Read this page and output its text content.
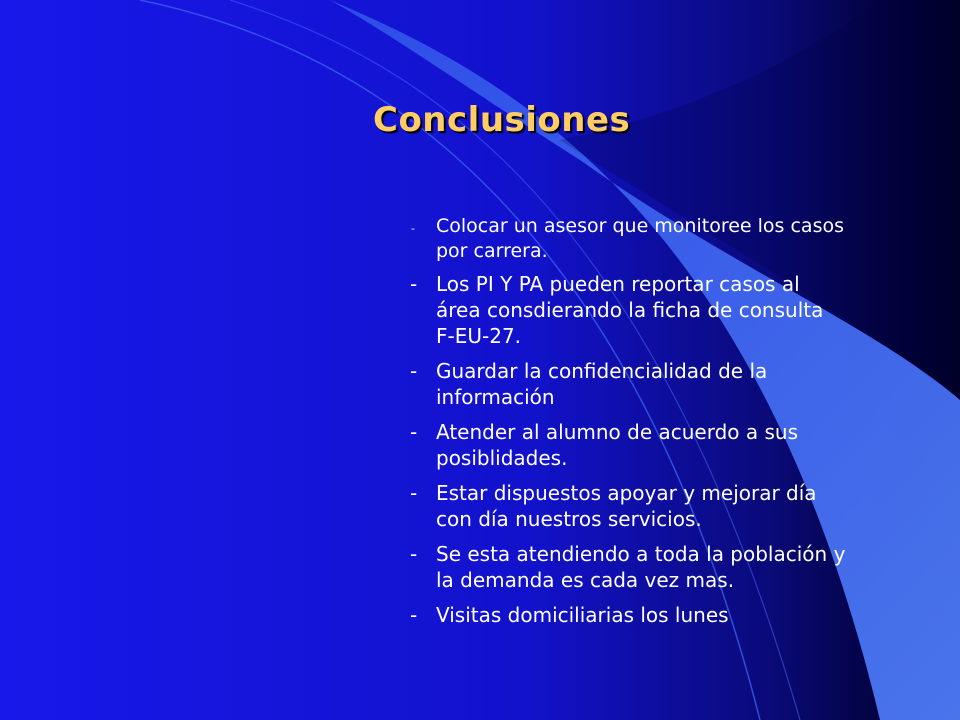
Conclusiones
- Colocar un asesor que monitoree los casos por carrera.
- Los PI Y PA pueden reportar casos al área consdierando la ficha de consulta F-EU-27.
- Guardar la confidencialidad de la información
- Atender al alumno de acuerdo a sus posiblidades.
- Estar dispuestos apoyar y mejorar día con día nuestros servicios.
- Se esta atendiendo a toda la población y la demanda es cada vez mas.
- Visitas domiciliarias los lunes
